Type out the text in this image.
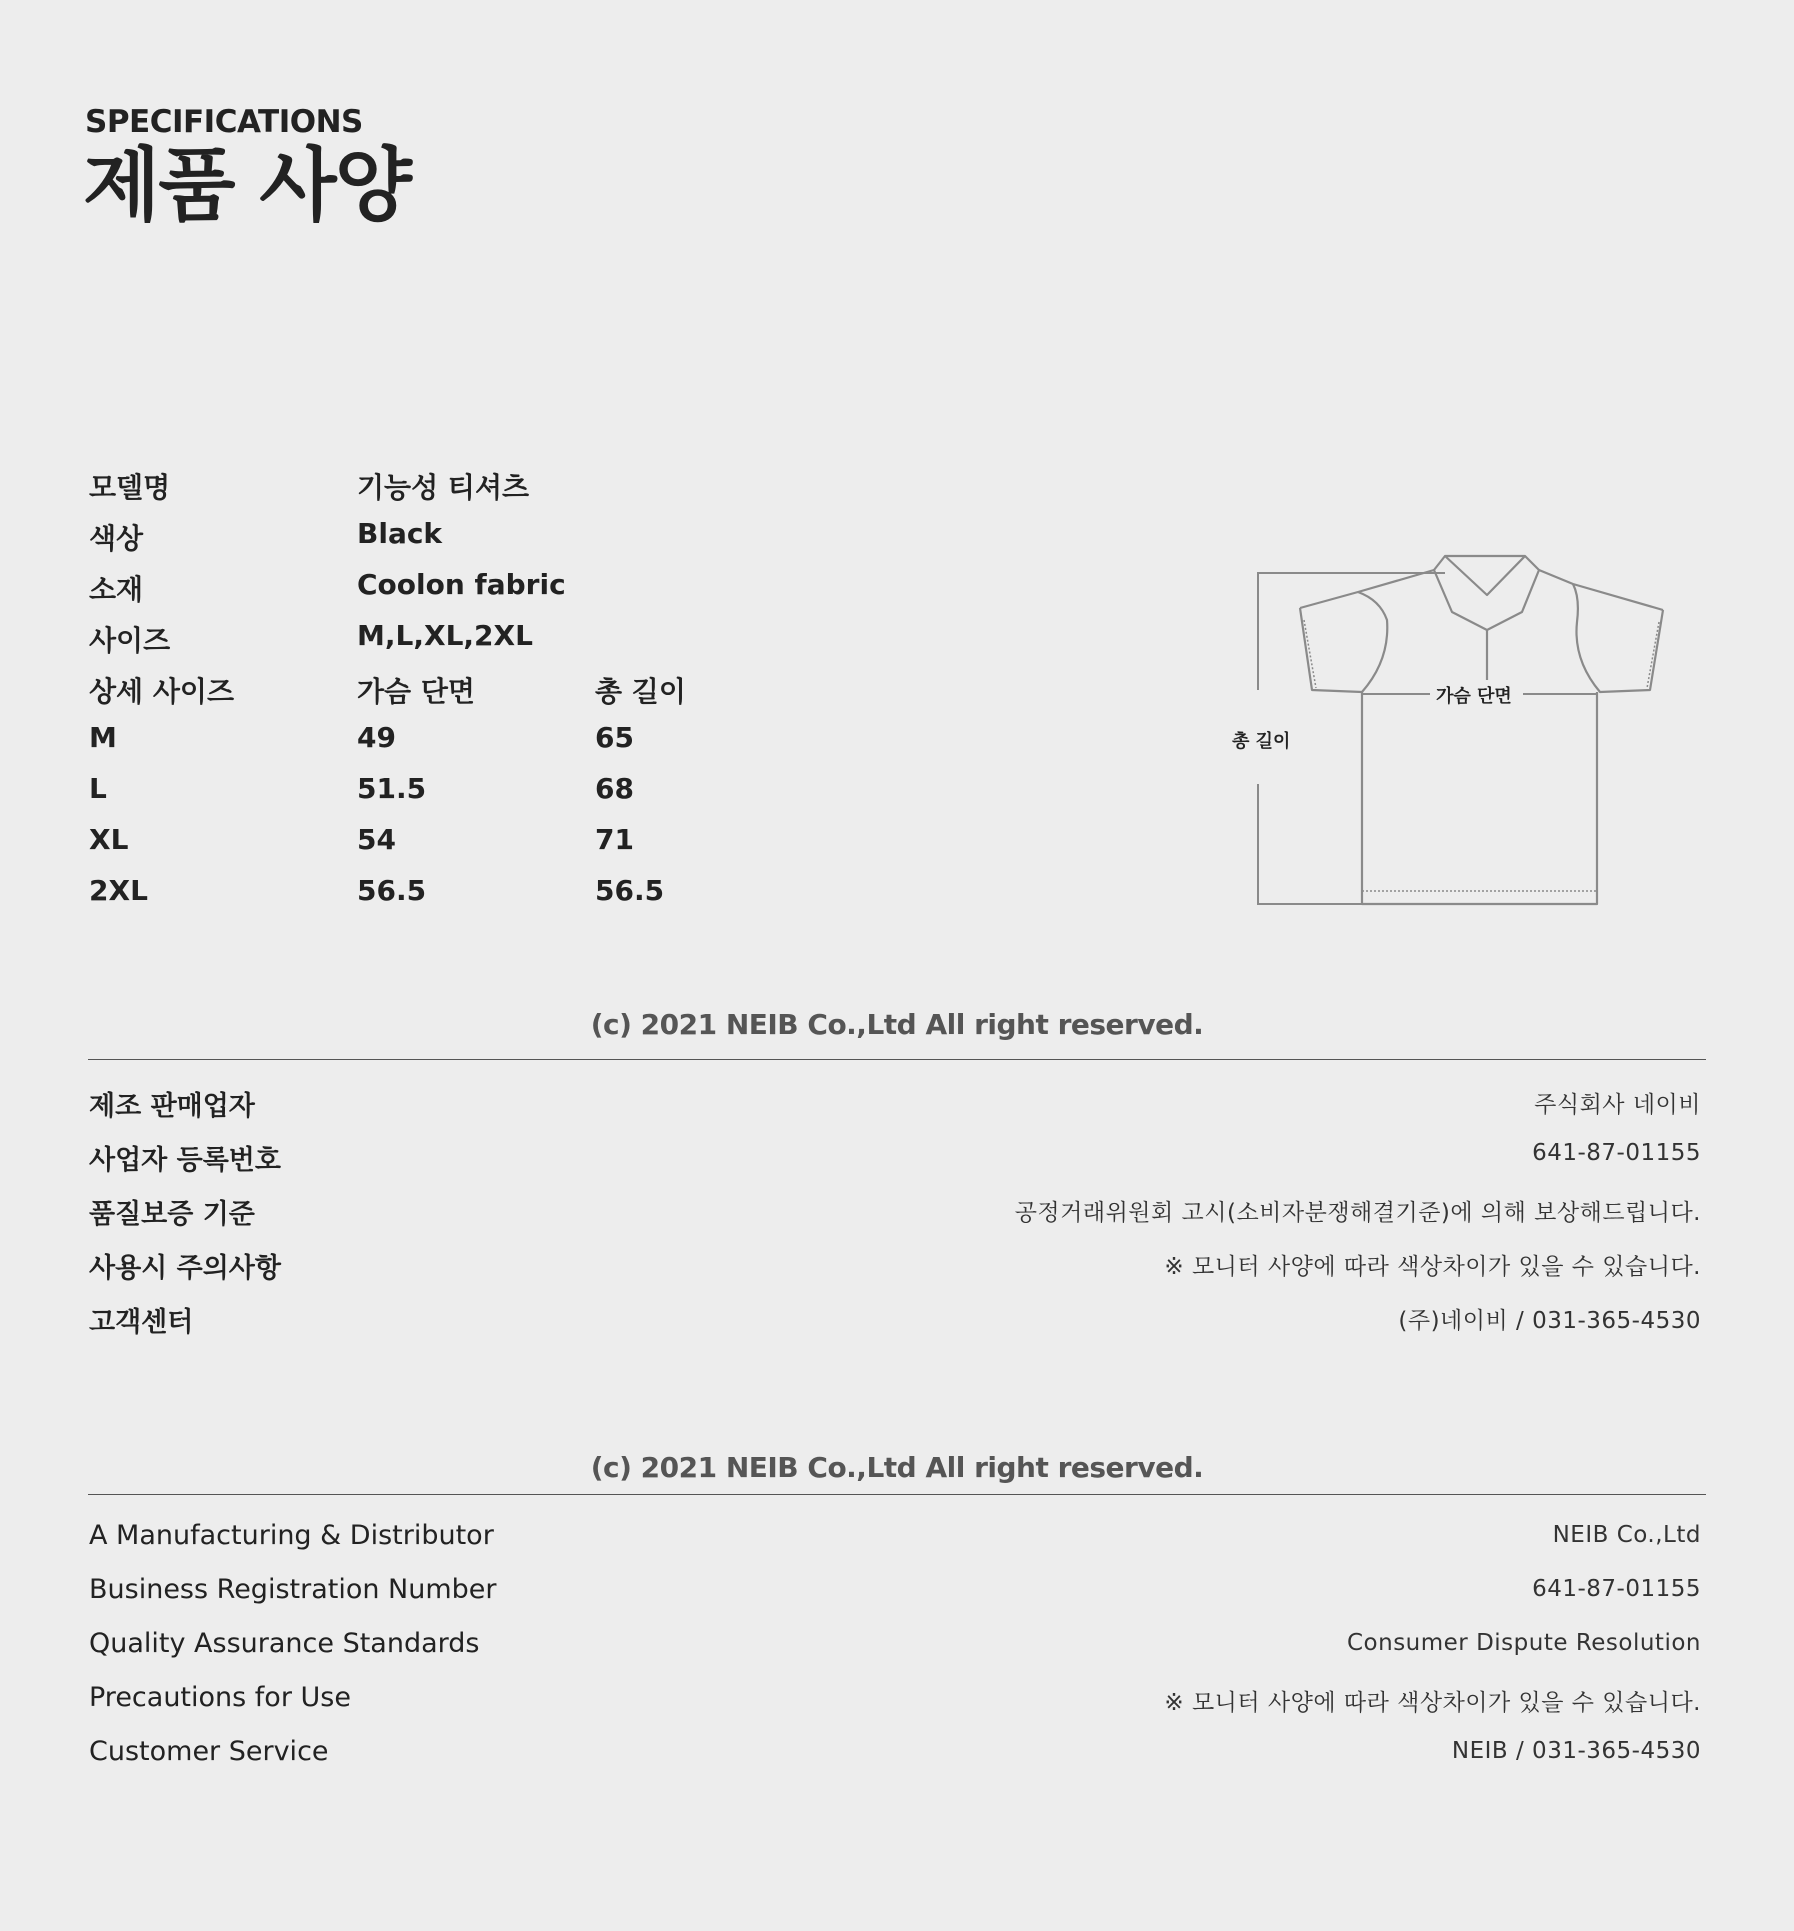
SPECIFICATIONS
제품 사양
모델명	기능성 티셔츠
색상	Black
소재	Coolon fabric
사이즈	M,L,XL,2XL
상세 사이즈	가슴 단면	총 길이
M	49	65
L	51.5	68
XL	54	71
2XL	56.5	56.5
가슴 단면
총 길이
(c) 2021 NEIB Co.,Ltd All right reserved.
제조 판매업자	주식회사 네이비
사업자 등록번호	641-87-01155
품질보증 기준	공정거래위원회 고시(소비자분쟁해결기준)에 의해 보상해드립니다.
사용시 주의사항	※ 모니터 사양에 따라 색상차이가 있을 수 있습니다.
고객센터	(주)네이비 / 031-365-4530
(c) 2021 NEIB Co.,Ltd All right reserved.
A Manufacturing & Distributor	NEIB Co.,Ltd
Business Registration Number	641-87-01155
Quality Assurance Standards	Consumer Dispute Resolution
Precautions for Use	※ 모니터 사양에 따라 색상차이가 있을 수 있습니다.
Customer Service	NEIB / 031-365-4530
